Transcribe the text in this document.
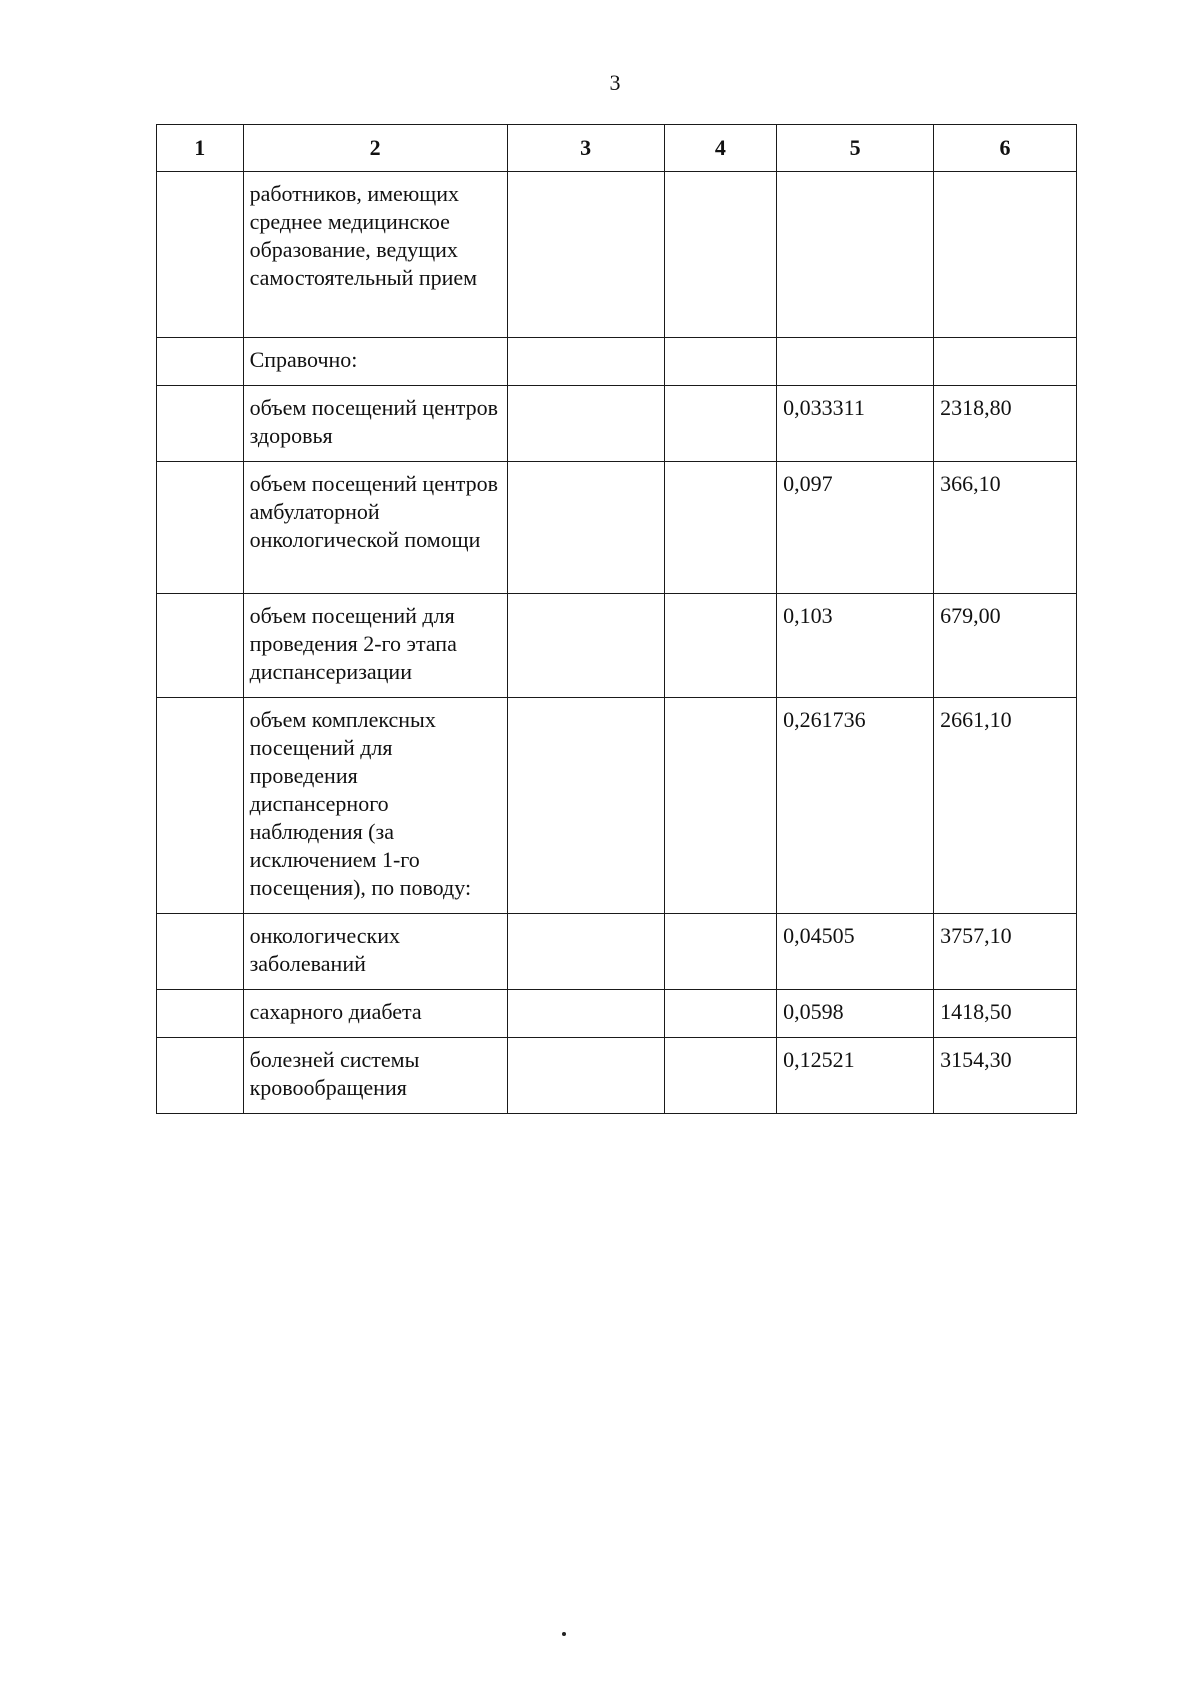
3
1	2	3	4	5	6
	работников, имеющих среднее медицинское образование, ведущих самостоятельный прием				
	Справочно:				
	объем посещений центров здоровья			0,033311	2318,80
	объем посещений центров амбулаторной онкологической помощи			0,097	366,10
	объем посещений для проведения 2-го этапа диспансеризации			0,103	679,00
	объем комплексных посещений для проведения диспансерного наблюдения (за исключением 1-го посещения), по поводу:			0,261736	2661,10
	онкологических заболеваний			0,04505	3757,10
	сахарного диабета			0,0598	1418,50
	болезней системы кровообращения			0,12521	3154,30
